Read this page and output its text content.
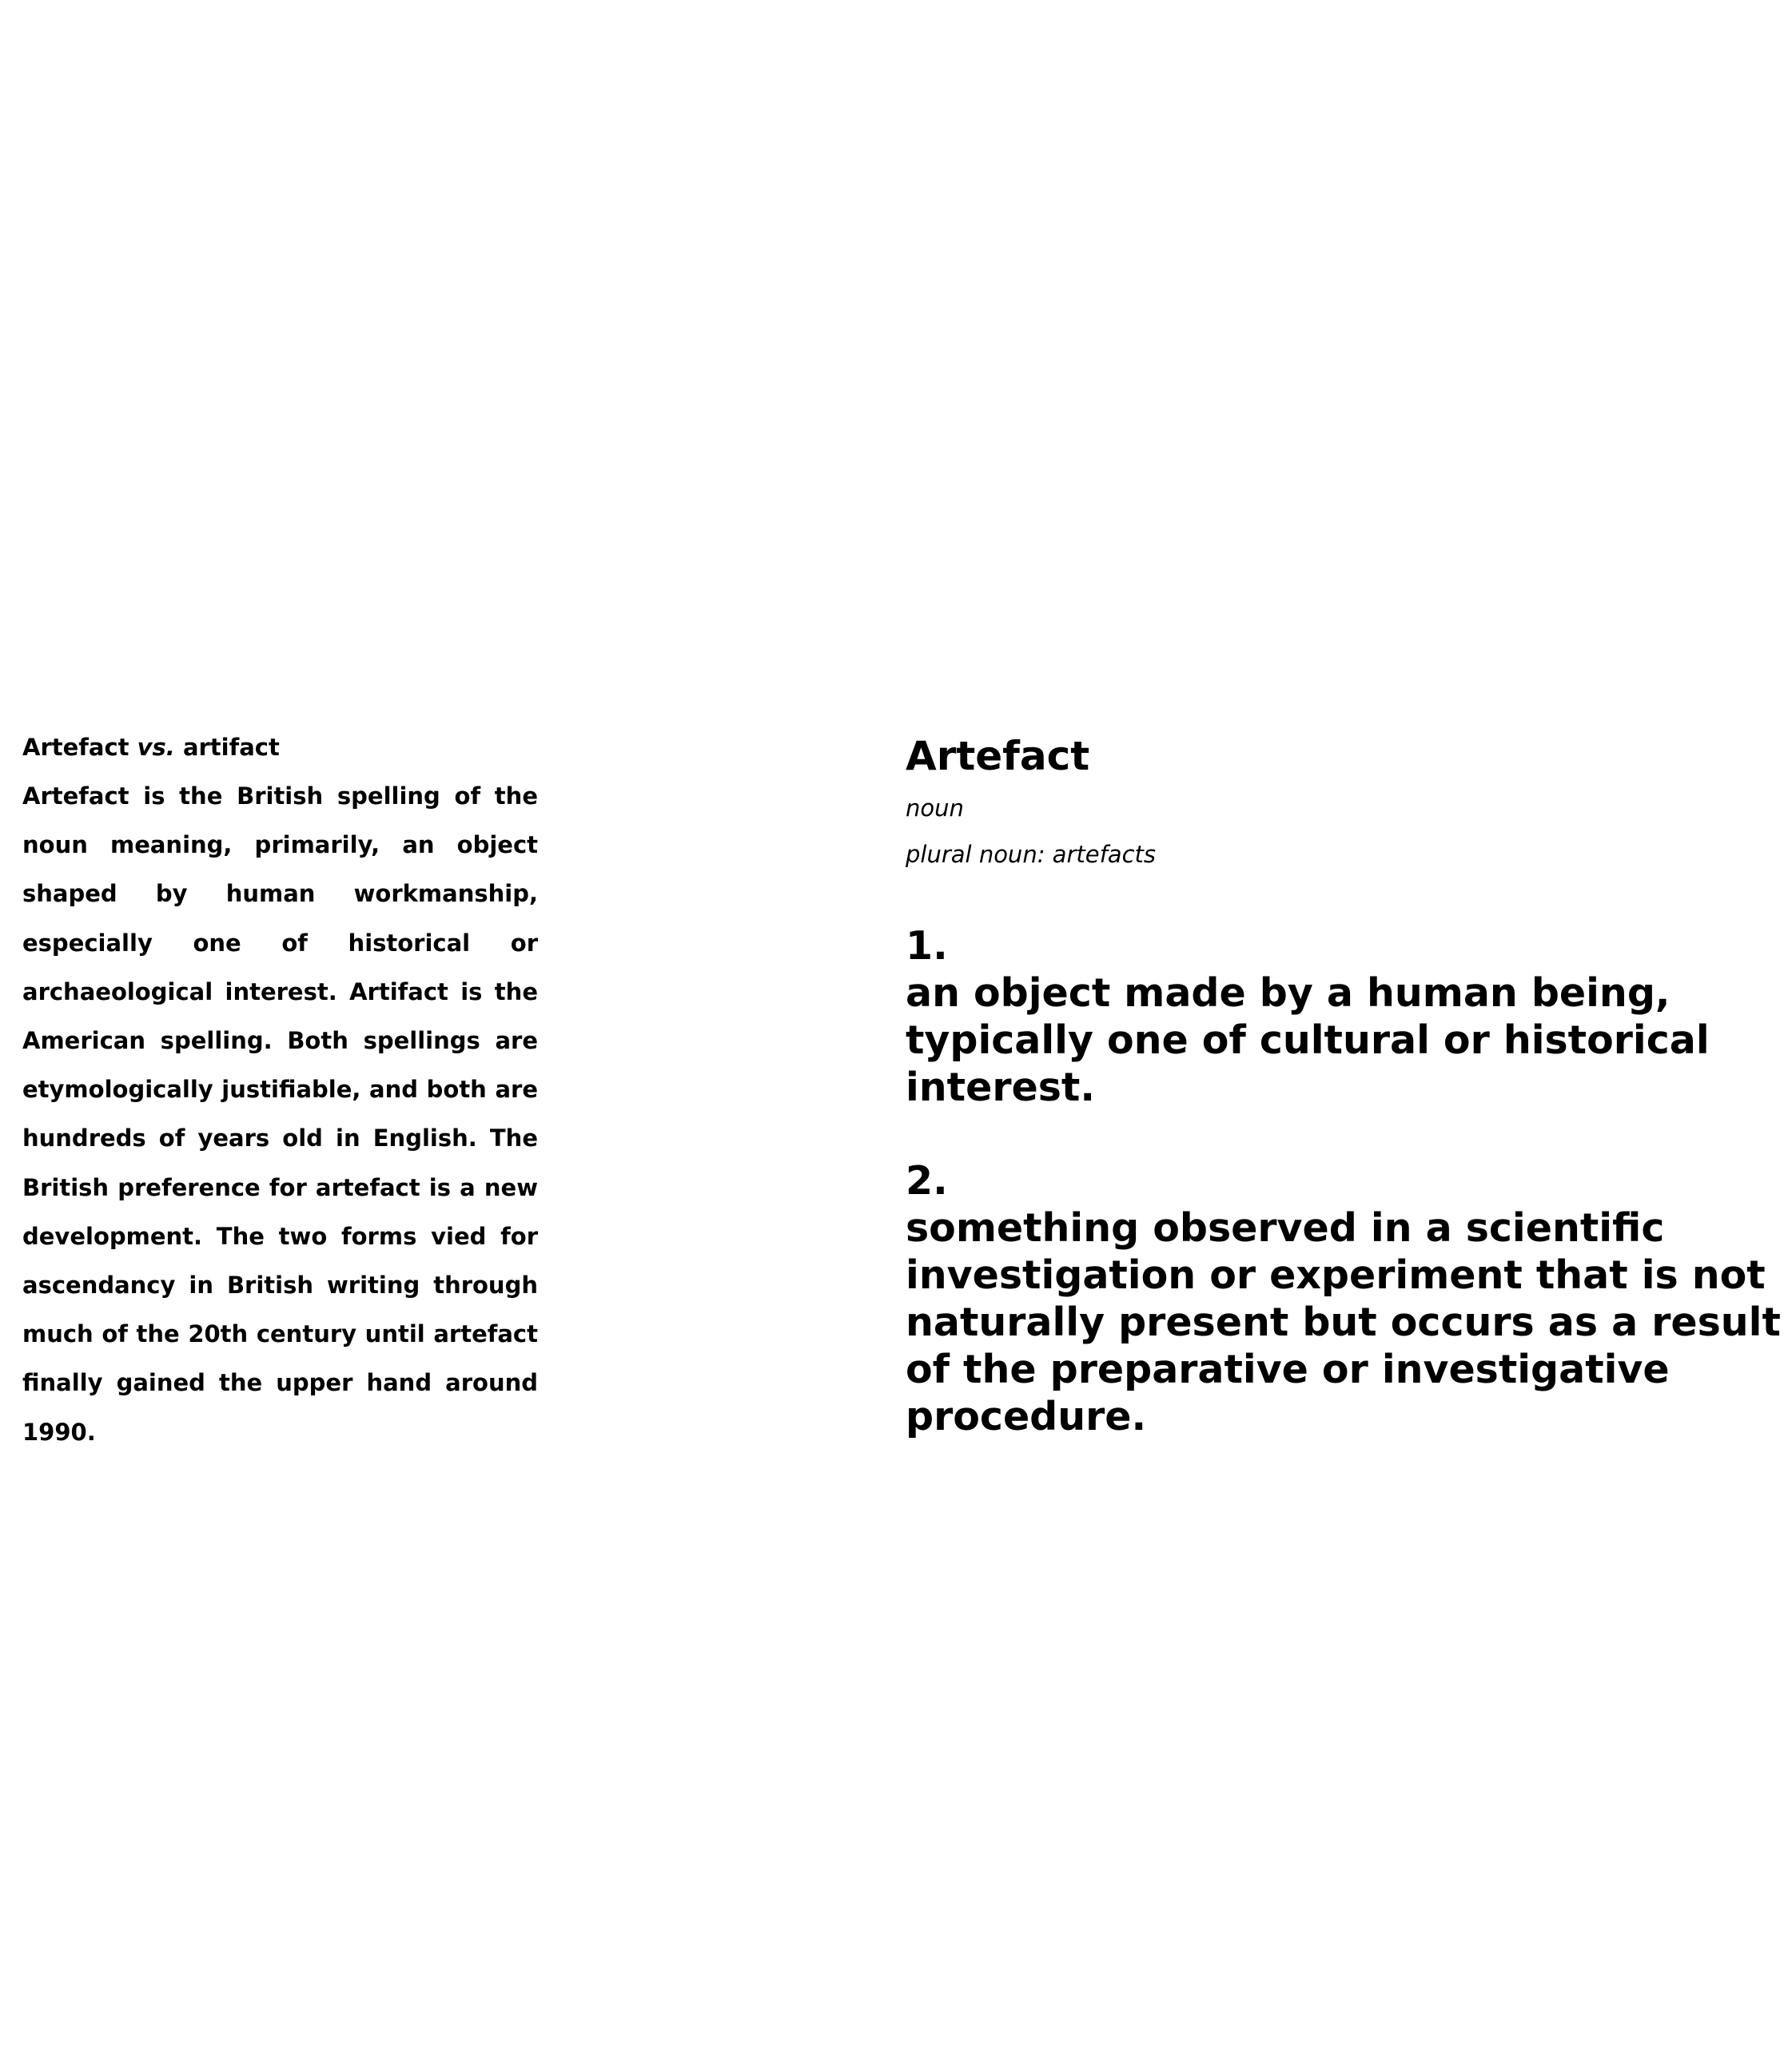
Artefact vs. artifact

Artefact is the British spelling of the noun meaning, primarily, an object shaped by human workmanship, especially one of historical or archaeological interest. Artifact is the American spelling. Both spellings are etymologically justifiable, and both are hundreds of years old in English. The British preference for artefact is a new development. The two forms vied for ascendancy in British writing through much of the 20th century until artefact finally gained the upper hand around 1990.

Artefact

noun

plural noun: artefacts

1.

an object made by a human being, typically one of cultural or historical interest.

2.

something observed in a scientific investigation or experiment that is not naturally present but occurs as a result of the preparative or investigative procedure.
